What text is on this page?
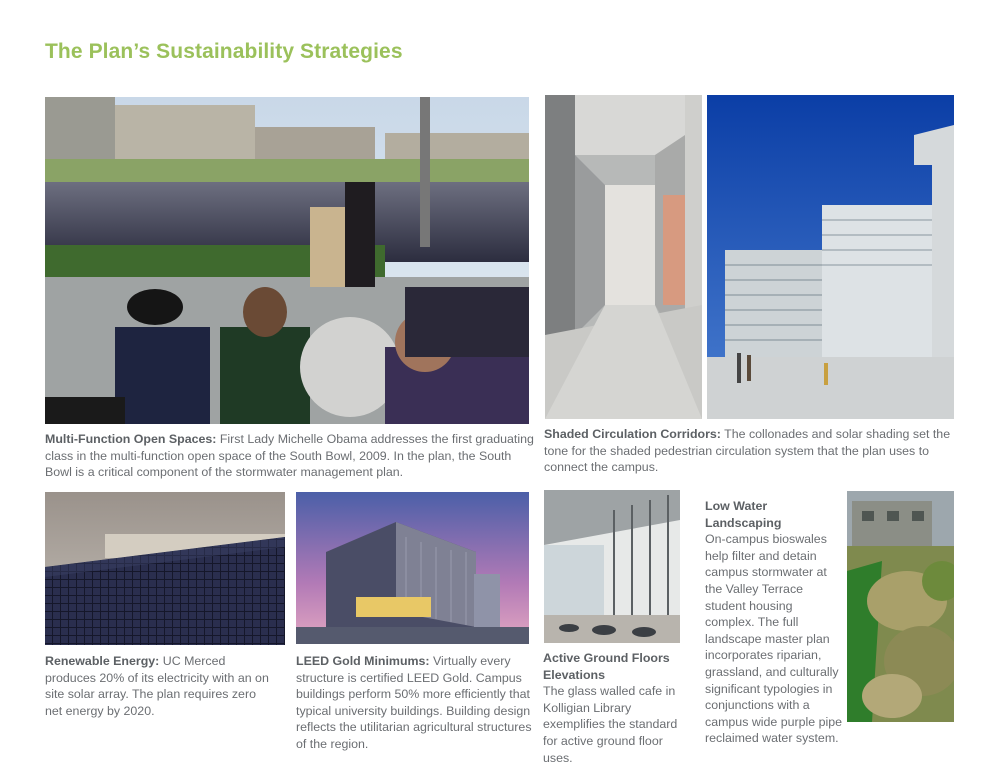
The Plan’s Sustainability Strategies
Multi-Function Open Spaces: First Lady Michelle Obama addresses the first graduating class in the multi-function open space of the South Bowl, 2009. In the plan, the South Bowl is a critical component of the stormwater management plan.
Shaded Circulation Corridors: The collonades and solar shading set the tone for the shaded pedestrian circulation system that the plan uses to connect the campus.
Renewable Energy: UC Merced produces 20% of its electricity with an on site solar array. The plan requires zero net energy by 2020.
LEED Gold Minimums: Virtually every structure is certified LEED Gold. Campus buildings perform 50% more efficiently that typical university buildings. Building design reflects the utilitarian agricultural structures of the region.
Active Ground Floors Elevations
The glass walled cafe in Kolligian Library exemplifies the standard for active ground floor uses.
Low Water Landscaping
On-campus bioswales help filter and detain campus stormwater at the Valley Terrace student housing complex. The full landscape master plan incorporates riparian, grassland, and culturally significant typologies in conjunctions with a campus wide purple pipe reclaimed water system.
